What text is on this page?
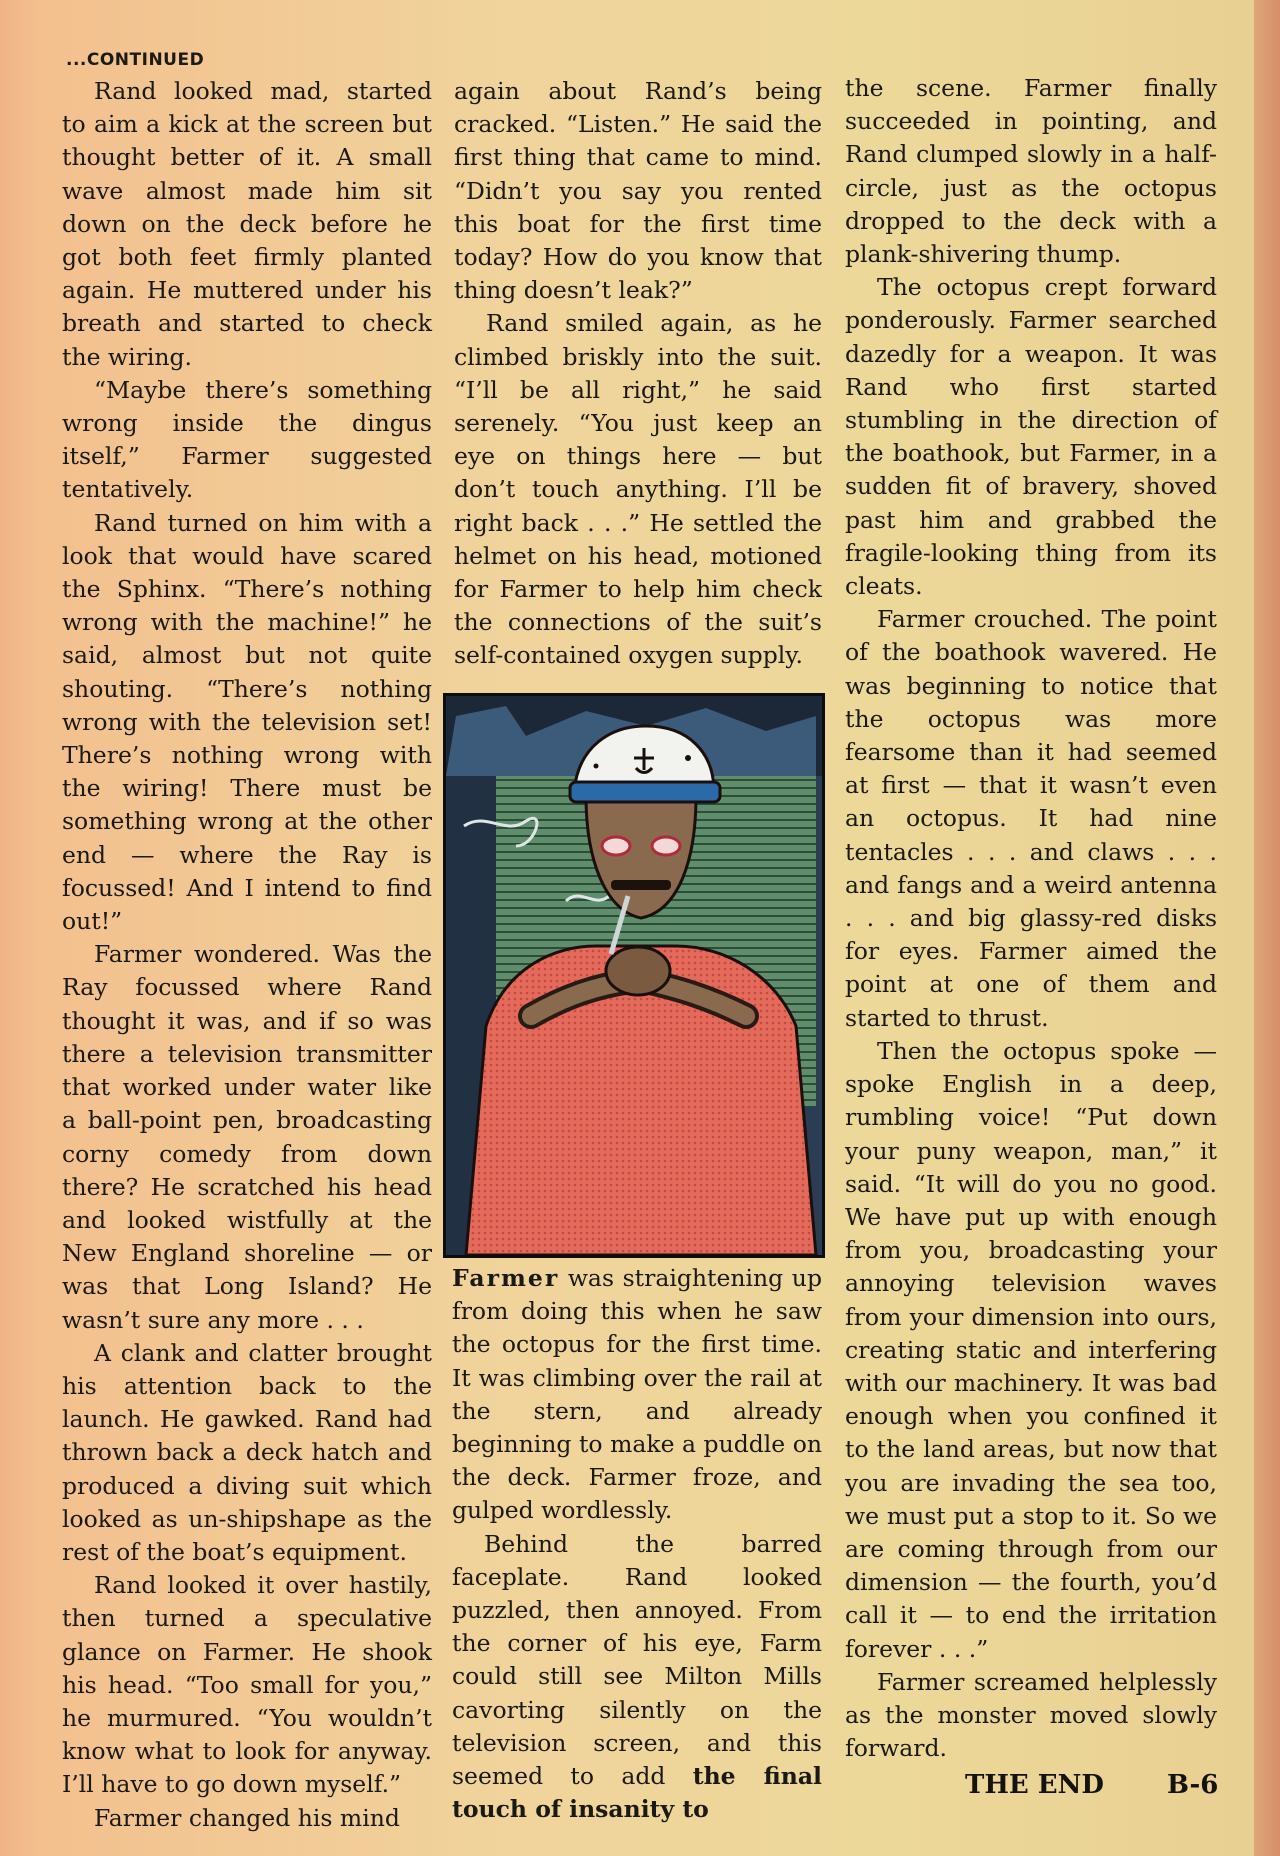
...CONTINUED

Rand looked mad, started to aim a kick at the screen but thought better of it. A small wave almost made him sit down on the deck before he got both feet firmly planted again. He muttered under his breath and started to check the wiring.

“Maybe there’s something wrong inside the dingus itself,” Farmer suggested tentatively.

Rand turned on him with a look that would have scared the Sphinx. “There’s nothing wrong with the machine!” he said, almost but not quite shouting. “There’s nothing wrong with the television set! There’s nothing wrong with the wiring! There must be something wrong at the other end — where the Ray is focussed! And I intend to find out!”

Farmer wondered. Was the Ray focussed where Rand thought it was, and if so was there a television transmitter that worked under water like a ball-point pen, broadcasting corny comedy from down there? He scratched his head and looked wistfully at the New England shoreline — or was that Long Island? He wasn’t sure any more . . .

A clank and clatter brought his attention back to the launch. He gawked. Rand had thrown back a deck hatch and produced a diving suit which looked as un-shipshape as the rest of the boat’s equipment.

Rand looked it over hastily, then turned a speculative glance on Farmer. He shook his head. “Too small for you,” he murmured. “You wouldn’t know what to look for anyway. I’ll have to go down myself.”

Farmer changed his mind

again about Rand’s being cracked. “Listen.” He said the first thing that came to mind. “Didn’t you say you rented this boat for the first time today? How do you know that thing doesn’t leak?”

Rand smiled again, as he climbed briskly into the suit. “I’ll be all right,” he said serenely. “You just keep an eye on things here — but don’t touch anything. I’ll be right back . . .” He settled the helmet on his head, motioned for Farmer to help him check the connections of the suit’s self-contained oxygen supply.

Farmer was straightening up from doing this when he saw the octopus for the first time. It was climbing over the rail at the stern, and already beginning to make a puddle on the deck. Farmer froze, and gulped wordlessly.

Behind the barred faceplate. Rand looked puzzled, then annoyed. From the corner of his eye, Farm could still see Milton Mills cavorting silently on the television screen, and this seemed to add the final touch of insanity to

the scene. Farmer finally succeeded in pointing, and Rand clumped slowly in a half-circle, just as the octopus dropped to the deck with a plank-shivering thump.

The octopus crept forward ponderously. Farmer searched dazedly for a weapon. It was Rand who first started stumbling in the direction of the boathook, but Farmer, in a sudden fit of bravery, shoved past him and grabbed the fragile-looking thing from its cleats.

Farmer crouched. The point of the boathook wavered. He was beginning to notice that the octopus was more fearsome than it had seemed at first — that it wasn’t even an octopus. It had nine tentacles . . . and claws . . . and fangs and a weird antenna . . . and big glassy-red disks for eyes. Farmer aimed the point at one of them and started to thrust.

Then the octopus spoke — spoke English in a deep, rumbling voice! “Put down your puny weapon, man,” it said. “It will do you no good. We have put up with enough from you, broadcasting your annoying television waves from your dimension into ours, creating static and interfering with our machinery. It was bad enough when you confined it to the land areas, but now that you are invading the sea too, we must put a stop to it. So we are coming through from our dimension — the fourth, you’d call it — to end the irritation forever . . .”

Farmer screamed helplessly as the monster moved slowly forward.

THE END B-6
